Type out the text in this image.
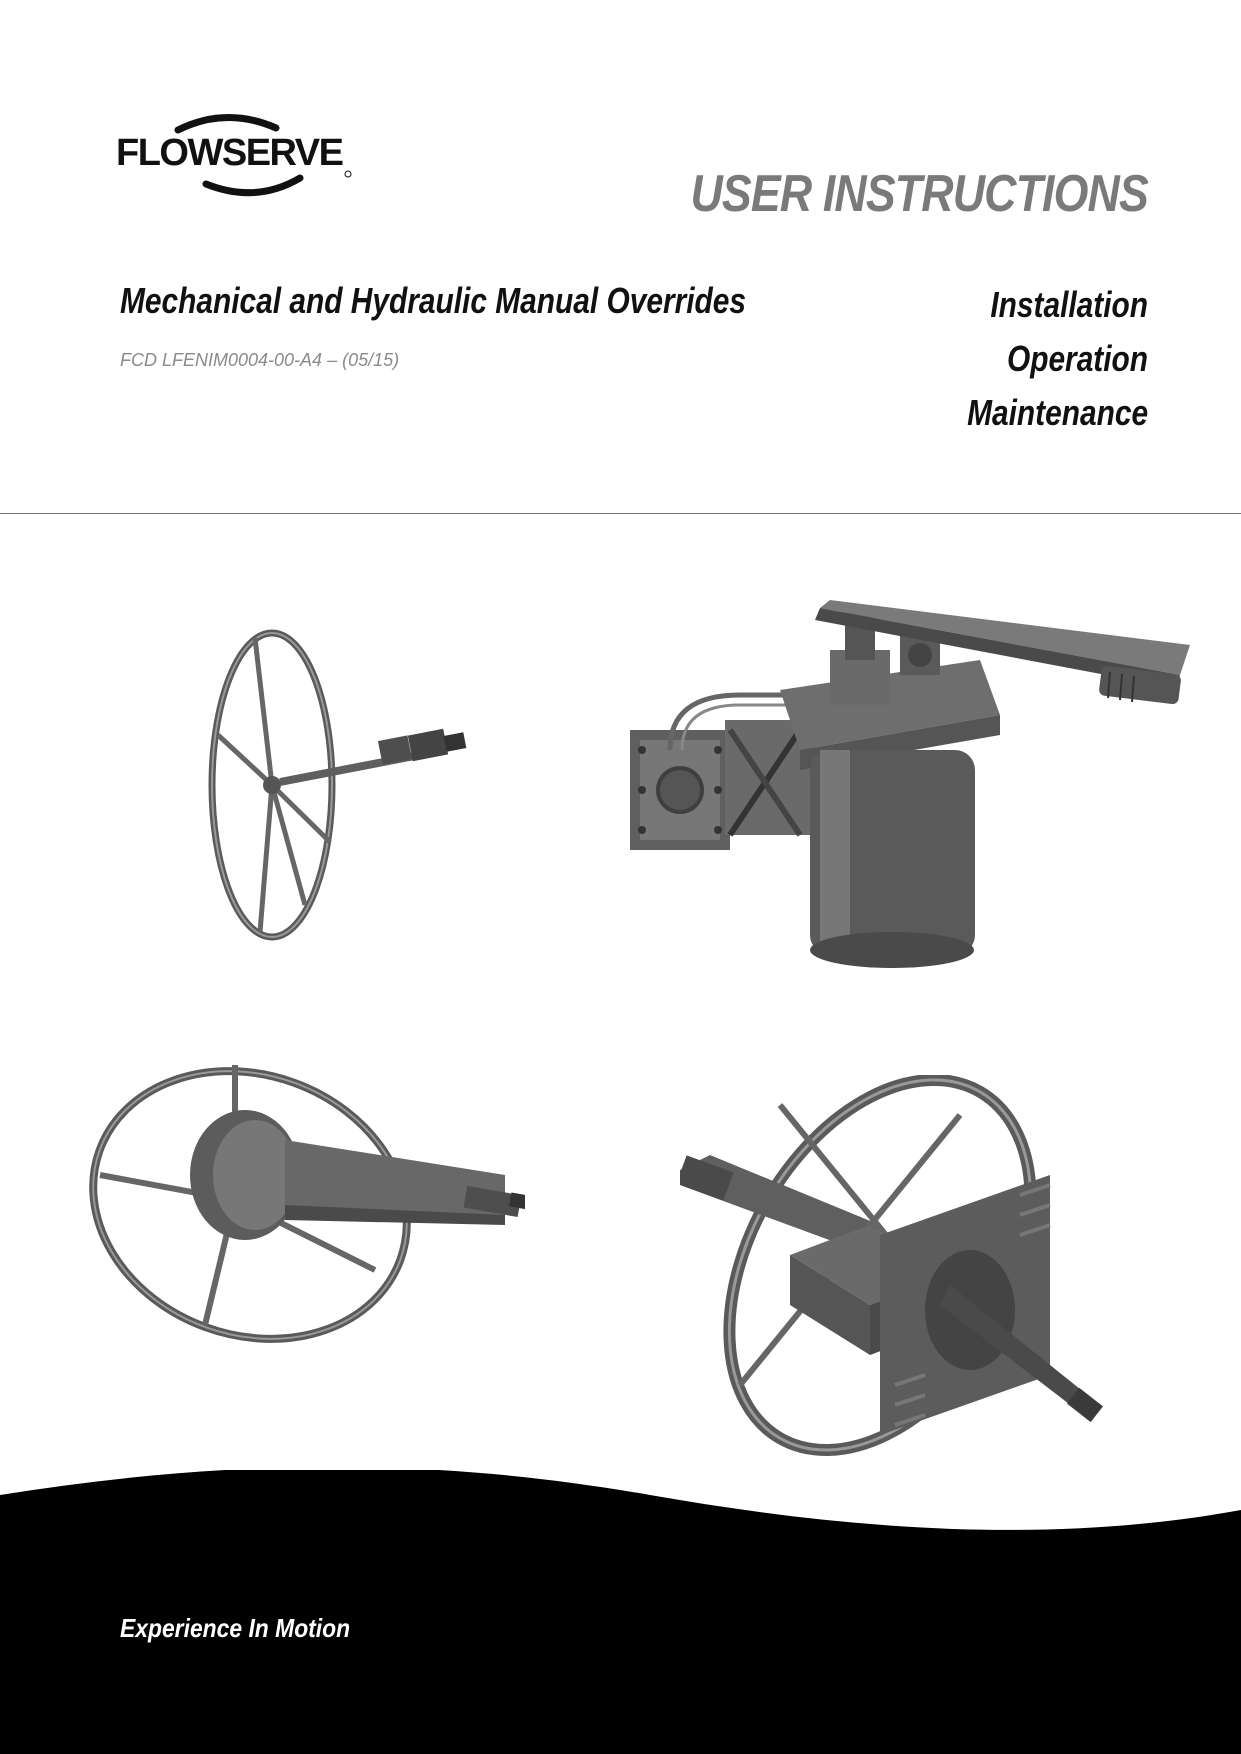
FLOWSERVE
USER INSTRUCTIONS
Mechanical and Hydraulic Manual Overrides
FCD LFENIM0004-00-A4 – (05/15)
Installation
Operation
Maintenance
Experience In Motion
